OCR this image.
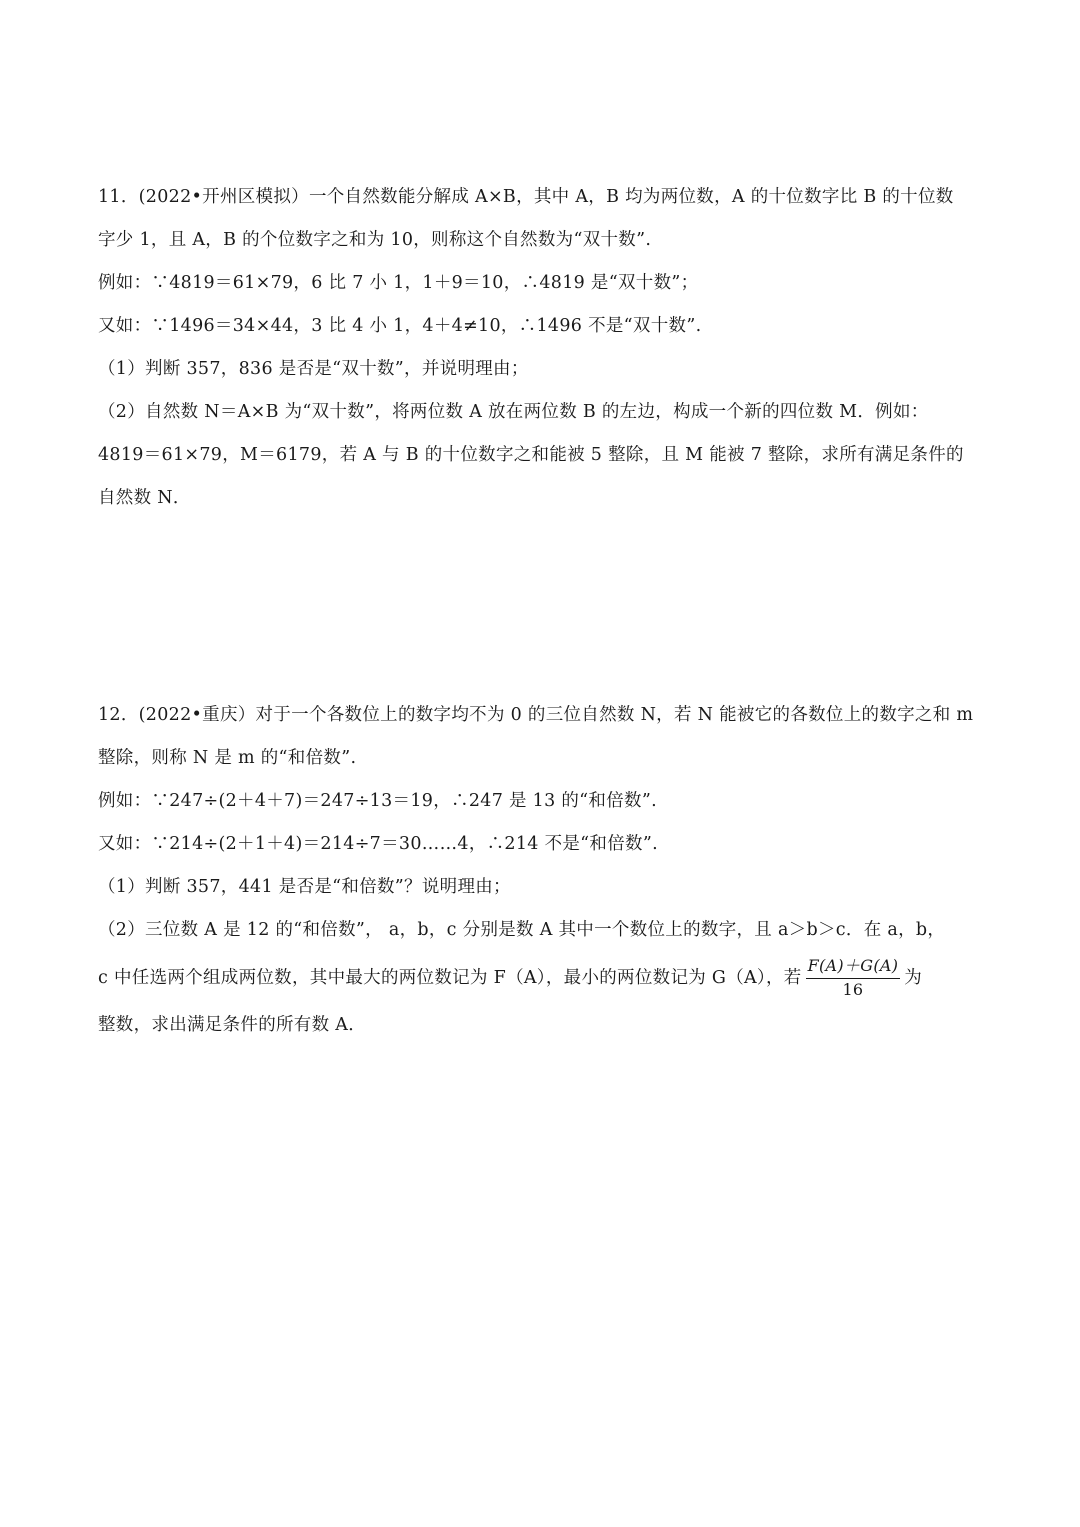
11．(2022•开州区模拟）一个自然数能分解成 A×B，其中 A，B 均为两位数，A 的十位数字比 B 的十位数
字少 1，且 A，B 的个位数字之和为 10，则称这个自然数为“双十数”.
例如：∵4819＝61×79，6 比 7 小 1，1＋9＝10，∴4819 是“双十数”；
又如：∵1496＝34×44，3 比 4 小 1，4＋4≠10，∴1496 不是“双十数”.
（1）判断 357，836 是否是“双十数”，并说明理由；
（2）自然数 N＝A×B 为“双十数”，将两位数 A 放在两位数 B 的左边，构成一个新的四位数 M．例如：
4819＝61×79，M＝6179，若 A 与 B 的十位数字之和能被 5 整除，且 M 能被 7 整除，求所有满足条件的
自然数 N．
12．(2022•重庆）对于一个各数位上的数字均不为 0 的三位自然数 N，若 N 能被它的各数位上的数字之和 m
整除，则称 N 是 m 的“和倍数”.
例如：∵247÷(2＋4＋7)＝247÷13＝19，∴247 是 13 的“和倍数”.
又如：∵214÷(2＋1＋4)＝214÷7＝30……4，∴214 不是“和倍数”.
（1）判断 357，441 是否是“和倍数”？说明理由；
（2）三位数 A 是 12 的“和倍数”， a，b，c 分别是数 A 其中一个数位上的数字，且 a＞b＞c．在 a，b，
c 中任选两个组成两位数，其中最大的两位数记为 F（A），最小的两位数记为 G（A），若 $\frac{F(A)+G(A)}{16}$ 为
整数，求出满足条件的所有数 A．
